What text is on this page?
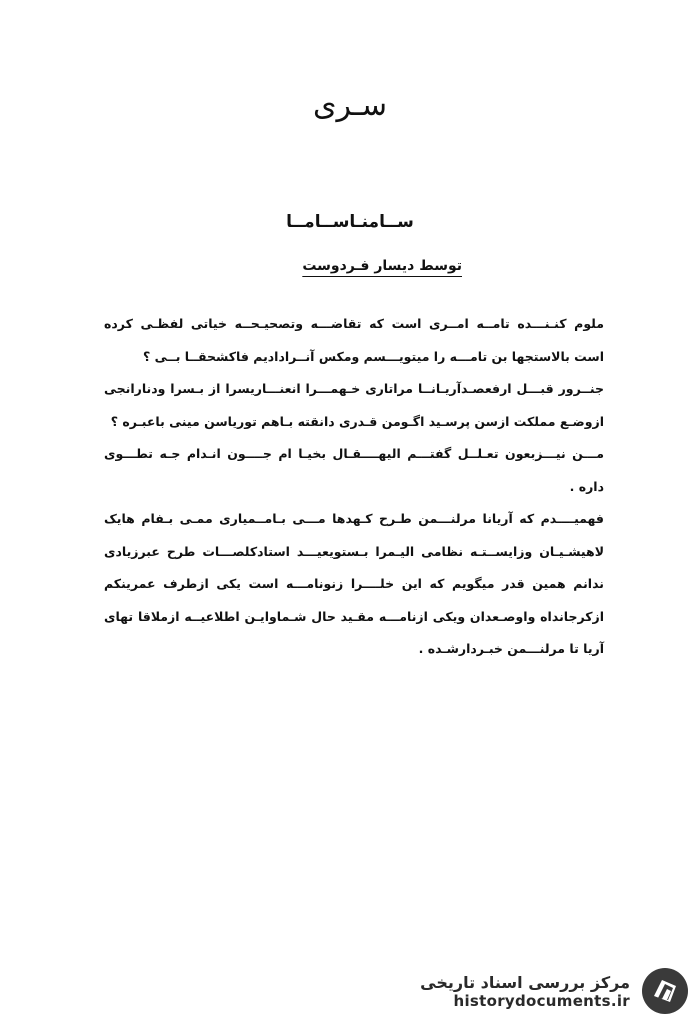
سـری
ســامنـاســامــا
توسط دیسار فـردوست

ملوم کنـنـــده تامــه امــری است که تقاضـــه وتصحیـحــه خیاتی لفظـی کرده است بالاستجها بن تامـــه را میتویـــسم ومکس آنــرادادیم فاکشحقــا بــی ؟

جنــرور قبـــل ارفعصـدآریـانــا مراتاری خـهمـــرا انعنـــاریسرا از بـسرا ودنارانجی ازوضـع مملکت ازسن پرسـيد اگـومن قـدری دانقته بـاهم توریاسن مینی باعبـره ؟

مـــن نیـــزبعون تعـلــل گفتـــم الیهــــقـال بخیـا ام جــــون انـدام جـه تطـــوی داره .

فهمیــــدم که آریانا مرلنـــمن طـرح کـهدها مـــی بـامــمیاری ممـی بـفام هایک لاهیشـیـان وزایســتـه نظامی الیـمرا بـستویعیـــد استادکلصـــات طرح عبرزیادی ندانم همین قدر میگویم که این خلــــرا زنونامـــه است یکی ازطرف عمرینکم ازکرجانداه واوصـعدان ویکی ازنامـــه مقـید حال شـماوایـن اطلاعیــه ازملاقا تهای آریا تا مرلنـــمن خبـردارشـده .

مرکز بررسی اسناد تاریخی
historydocuments.ir
